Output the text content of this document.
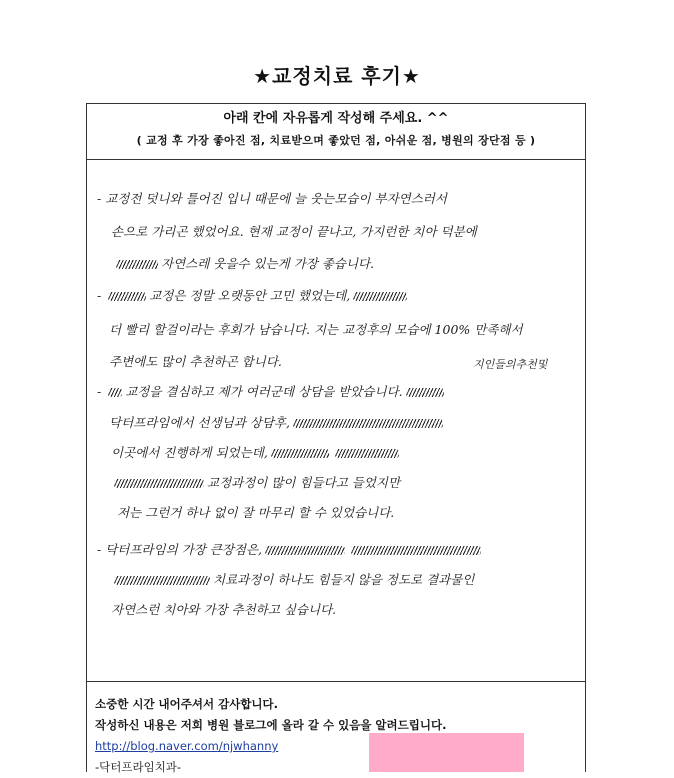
★교정치료 후기★
아래 칸에 자유롭게 작성해 주세요. ^^
( 교정 후 가장 좋아진 점, 치료받으며 좋았던 점, 아쉬운 점, 병원의 장단점 등 )
- 교정전 덧니와 틀어진 입니 때문에 늘 웃는모습이 부자연스러서
손으로 가리곤 했었어요. 현재 교정이 끝나고, 가지런한 치아 덕분에
자연스레 웃을수 있는게 가장 좋습니다.
-	교정은 정말 오랫동안 고민 했었는데,
더 빨리 할걸이라는 후회가 남습니다. 지는 교정후의 모습에 100% 만족해서
주변에도 많이 추천하곤 합니다.	지인들의추천및
- 교정을 결심하고 제가 여러군데 상담을 받았습니다.
닥터프라임에서 선생님과 상담후,
이곳에서 진행하게 되었는데,
교정과정이 많이 힘들다고 들었지만
저는 그런거 하나 없이 잘 마무리 할 수 있었습니다.
- 닥터프라임의 가장 큰장점은,
치료과정이 하나도 힘들지 않을 정도로 결과물인
자연스런 치아와 가장 추천하고 싶습니다.
소중한 시간 내어주셔서 감사합니다.
작성하신 내용은 저희 병원 블로그에 올라 갈 수 있음을 알려드립니다.
http://blog.naver.com/njwhanny
-닥터프라임치과-
